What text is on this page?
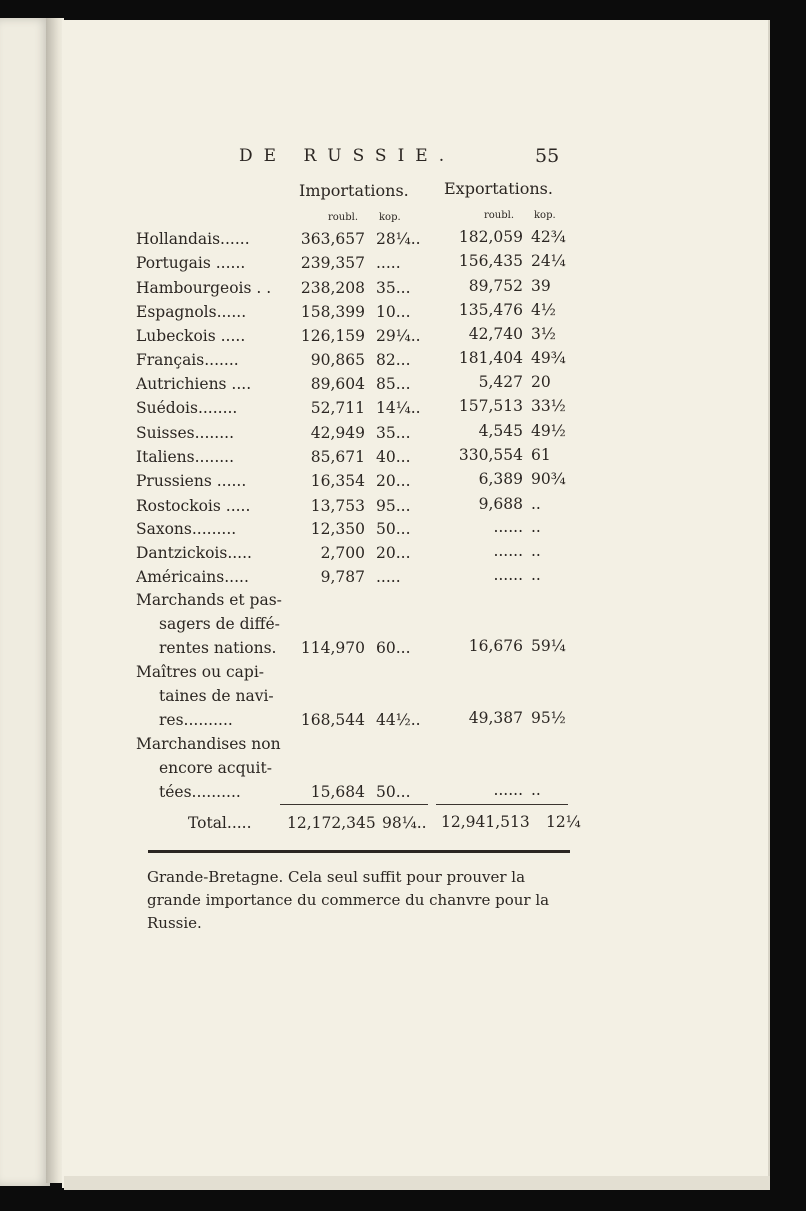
DE RUSSIE.	55
Importations. Exportations.
roubl. kop.	roubl. kop.
Hollandais......	363,657 28¼.. 182,059 42¾
Portugais ......	239,357 .....	156,435 24¼
Hambourgeois . . 238,208 35...	89,752 39
Espagnols......	158,399 10...	135,476 4½
Lubeckois .....	126,159 29¼..	42,740 3½
Français.......	90,865 82...	181,404 49¾
Autrichiens ....	89,604 85...	5,427 20
Suédois........	52,711 14¼.. 157,513 33½
Suisses........	42,949 35...	4,545 49½
Italiens........	85,671 40...	330,554 61
Prussiens ......	16,354 20...	6,389 90¾
Rostockois .....	13,753 95...	9,688 ..
Saxons.........	12,350 50...	...... ..
Dantzickois.....	2,700 20...	...... ..
Américains.....	9,787 .....	...... ..
Marchands et pas-
sagers de diffé-
rentes nations. 114,970 60...	16,676 59¼
Maîtres ou capi-
taines de navi-
res..........	168,544 44½..	49,387 95½
Marchandises non
encore acquit-
tées..........	15,684 50...	...... ..
Total..... 12,172,345 98¼.. 12,941,513 12¼
Grande-Bretagne. Cela seul suffit pour prouver la
grande importance du commerce du chanvre pour la
Russie.
